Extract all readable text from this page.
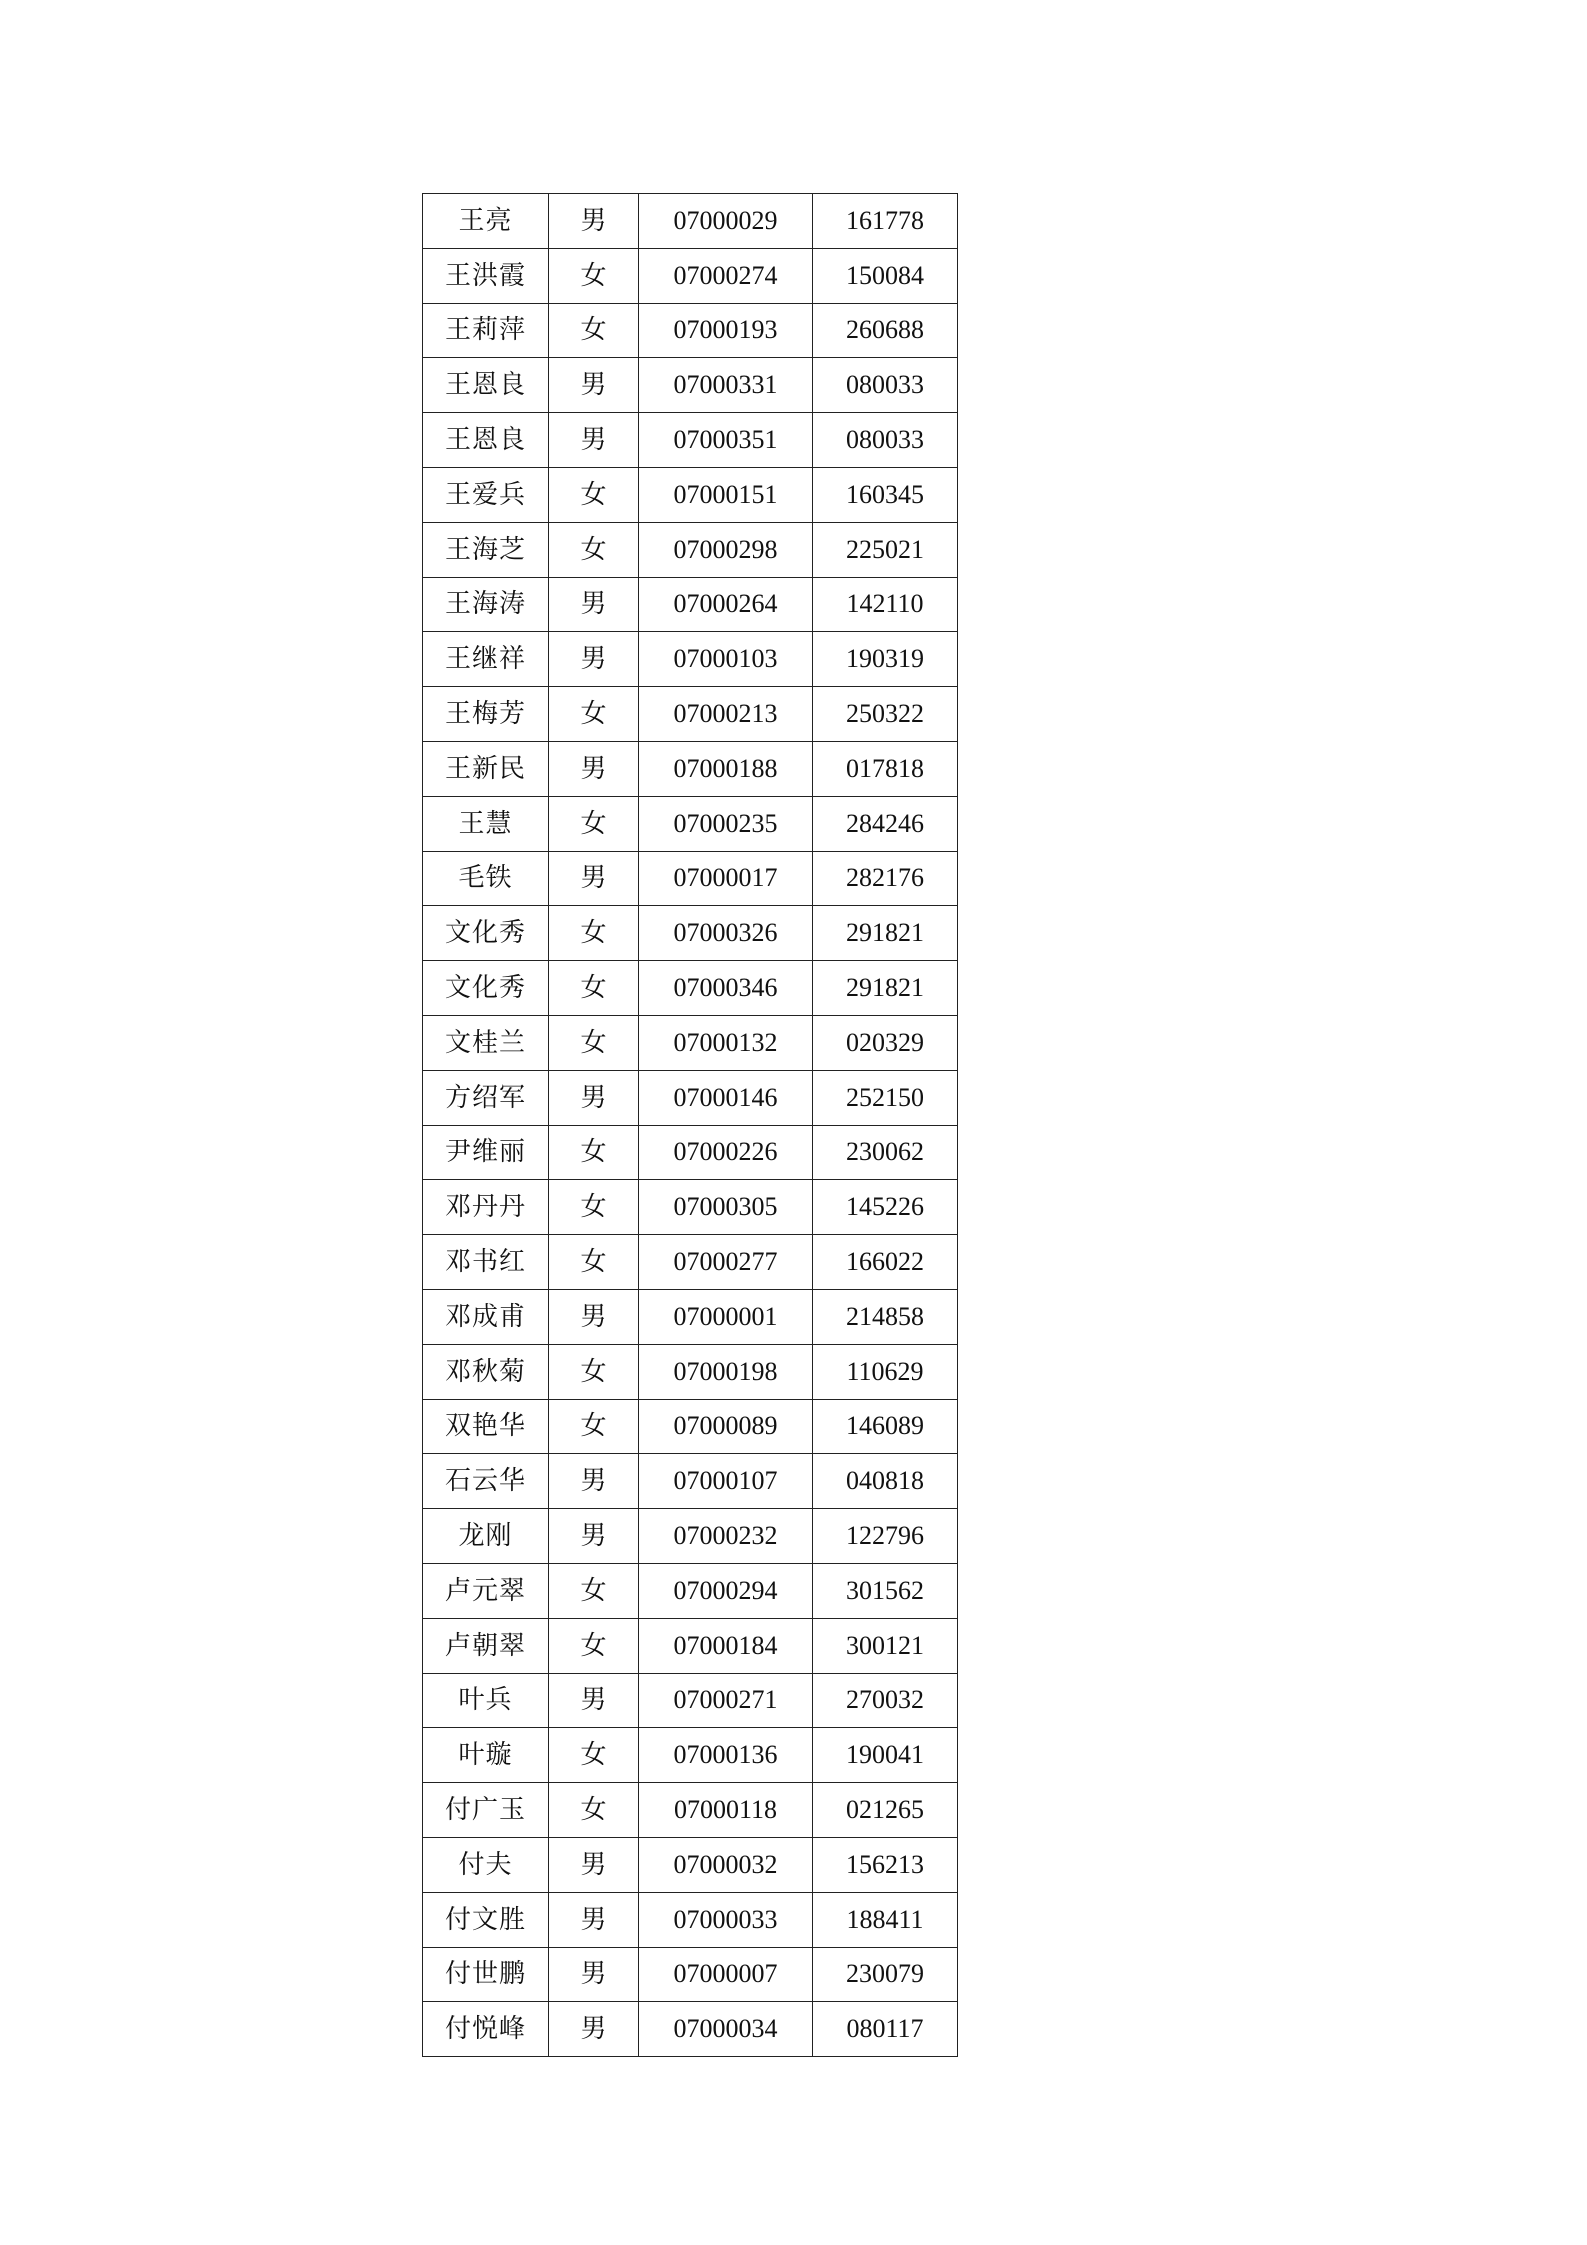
王亮	男	07000029	161778
王洪霞	女	07000274	150084
王莉萍	女	07000193	260688
王恩良	男	07000331	080033
王恩良	男	07000351	080033
王爱兵	女	07000151	160345
王海芝	女	07000298	225021
王海涛	男	07000264	142110
王继祥	男	07000103	190319
王梅芳	女	07000213	250322
王新民	男	07000188	017818
王慧	女	07000235	284246
毛铁	男	07000017	282176
文化秀	女	07000326	291821
文化秀	女	07000346	291821
文桂兰	女	07000132	020329
方绍军	男	07000146	252150
尹维丽	女	07000226	230062
邓丹丹	女	07000305	145226
邓书红	女	07000277	166022
邓成甫	男	07000001	214858
邓秋菊	女	07000198	110629
双艳华	女	07000089	146089
石云华	男	07000107	040818
龙刚	男	07000232	122796
卢元翠	女	07000294	301562
卢朝翠	女	07000184	300121
叶兵	男	07000271	270032
叶璇	女	07000136	190041
付广玉	女	07000118	021265
付夫	男	07000032	156213
付文胜	男	07000033	188411
付世鹏	男	07000007	230079
付悦峰	男	07000034	080117
